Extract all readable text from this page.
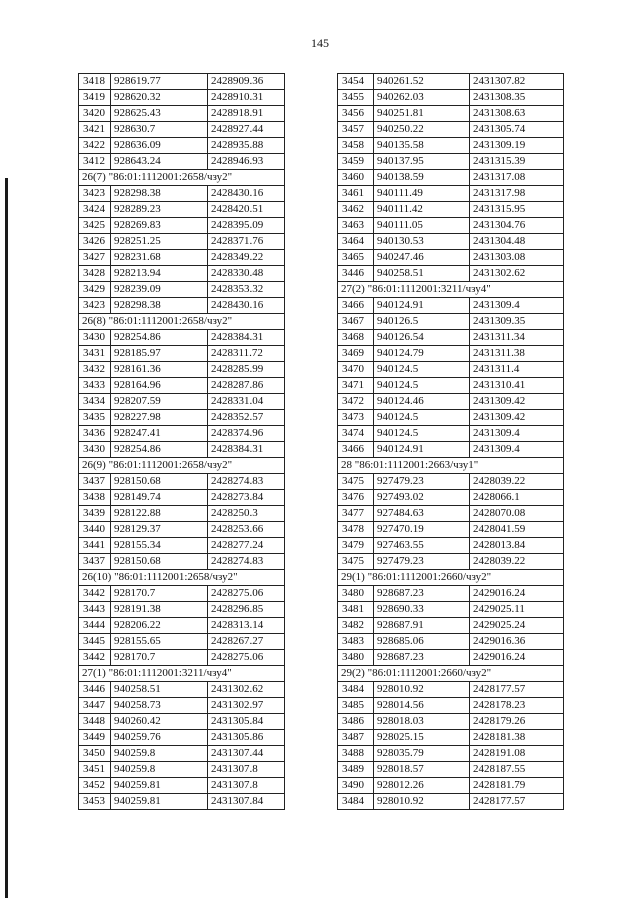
145
3418	928619.77	2428909.36
3419	928620.32	2428910.31
3420	928625.43	2428918.91
3421	928630.7	2428927.44
3422	928636.09	2428935.88
3412	928643.24	2428946.93
26(7) "86:01:1112001:2658/чзу2"		
3423	928298.38	2428430.16
3424	928289.23	2428420.51
3425	928269.83	2428395.09
3426	928251.25	2428371.76
3427	928231.68	2428349.22
3428	928213.94	2428330.48
3429	928239.09	2428353.32
3423	928298.38	2428430.16
26(8) "86:01:1112001:2658/чзу2"		
3430	928254.86	2428384.31
3431	928185.97	2428311.72
3432	928161.36	2428285.99
3433	928164.96	2428287.86
3434	928207.59	2428331.04
3435	928227.98	2428352.57
3436	928247.41	2428374.96
3430	928254.86	2428384.31
26(9) "86:01:1112001:2658/чзу2"		
3437	928150.68	2428274.83
3438	928149.74	2428273.84
3439	928122.88	2428250.3
3440	928129.37	2428253.66
3441	928155.34	2428277.24
3437	928150.68	2428274.83
26(10) "86:01:1112001:2658/чзу2"		
3442	928170.7	2428275.06
3443	928191.38	2428296.85
3444	928206.22	2428313.14
3445	928155.65	2428267.27
3442	928170.7	2428275.06
27(1) "86:01:1112001:3211/чзу4"		
3446	940258.51	2431302.62
3447	940258.73	2431302.97
3448	940260.42	2431305.84
3449	940259.76	2431305.86
3450	940259.8	2431307.44
3451	940259.8	2431307.8
3452	940259.81	2431307.8
3453	940259.81	2431307.84
3454	940261.52	2431307.82
3455	940262.03	2431308.35
3456	940251.81	2431308.63
3457	940250.22	2431305.74
3458	940135.58	2431309.19
3459	940137.95	2431315.39
3460	940138.59	2431317.08
3461	940111.49	2431317.98
3462	940111.42	2431315.95
3463	940111.05	2431304.76
3464	940130.53	2431304.48
3465	940247.46	2431303.08
3446	940258.51	2431302.62
27(2) "86:01:1112001:3211/чзу4"		
3466	940124.91	2431309.4
3467	940126.5	2431309.35
3468	940126.54	2431311.34
3469	940124.79	2431311.38
3470	940124.5	2431311.4
3471	940124.5	2431310.41
3472	940124.46	2431309.42
3473	940124.5	2431309.42
3474	940124.5	2431309.4
3466	940124.91	2431309.4
28 "86:01:1112001:2663/чзу1"		
3475	927479.23	2428039.22
3476	927493.02	2428066.1
3477	927484.63	2428070.08
3478	927470.19	2428041.59
3479	927463.55	2428013.84
3475	927479.23	2428039.22
29(1) "86:01:1112001:2660/чзу2"		
3480	928687.23	2429016.24
3481	928690.33	2429025.11
3482	928687.91	2429025.24
3483	928685.06	2429016.36
3480	928687.23	2429016.24
29(2) "86:01:1112001:2660/чзу2"		
3484	928010.92	2428177.57
3485	928014.56	2428178.23
3486	928018.03	2428179.26
3487	928025.15	2428181.38
3488	928035.79	2428191.08
3489	928018.57	2428187.55
3490	928012.26	2428181.79
3484	928010.92	2428177.57
